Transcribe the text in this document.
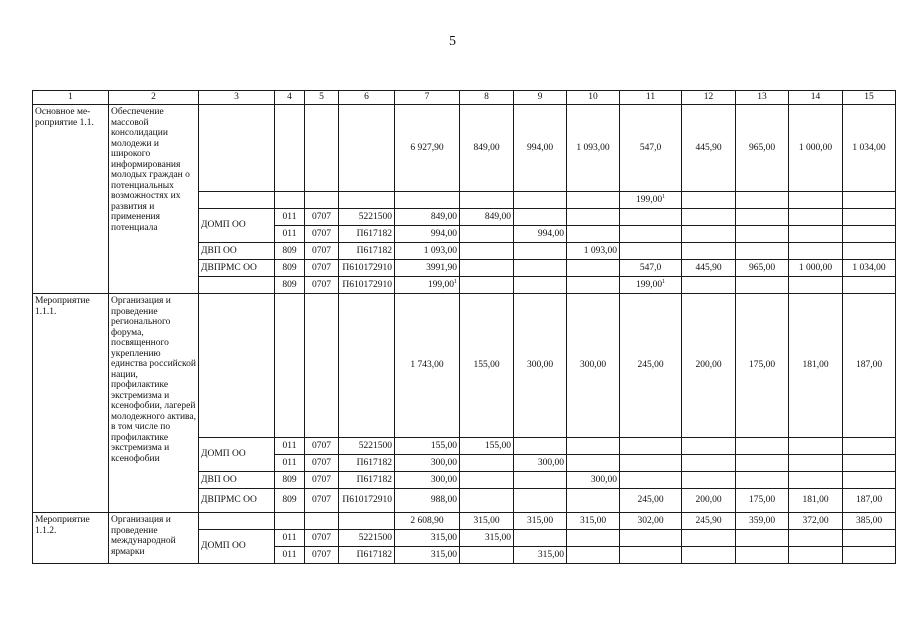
5
1	2	3	4	5	6	7	8	9	10	11	12	13	14	15
Основное ме-роприятие 1.1.	Обеспечение массовой консолидации молодежи и широкого информирования молодых граждан о потенциальных возможностях их развития и применения потенциала					6 927,90	849,00	994,00	1 093,00	547,0	445,90	965,00	1 000,00	1 034,00
										199,00$^1$				
		ДОМП ОО	011	0707	5221500	849,00	849,00							
			011	0707	П617182	994,00		994,00						
		ДВП ОО	809	0707	П617182	1 093,00			1 093,00					
		ДВПРМС ОО	809	0707	П610172910	3991,90				547,0	445,90	965,00	1 000,00	1 034,00
			809	0707	П610172910	199,00$^1$				199,00$^1$				
Мероприятие 1.1.1.	Организация и проведение регионального форума, посвященного укреплению единства российской нации, профилактике экстремизма и ксенофобии, лагерей молодежного актива, в том числе по профилактике экстремизма и ксенофобии					1 743,00	155,00	300,00	300,00	245,00	200,00	175,00	181,00	187,00
		ДОМП ОО	011	0707	5221500	155,00	155,00							
			011	0707	П617182	300,00		300,00						
		ДВП ОО	809	0707	П617182	300,00			300,00					
		ДВПРМС ОО	809	0707	П610172910	988,00				245,00	200,00	175,00	181,00	187,00
Мероприятие 1.1.2.	Организация и проведение международной ярмарки					2 608,90	315,00	315,00	315,00	302,00	245,90	359,00	372,00	385,00
		ДОМП ОО	011	0707	5221500	315,00	315,00							
			011	0707	П617182	315,00		315,00						
